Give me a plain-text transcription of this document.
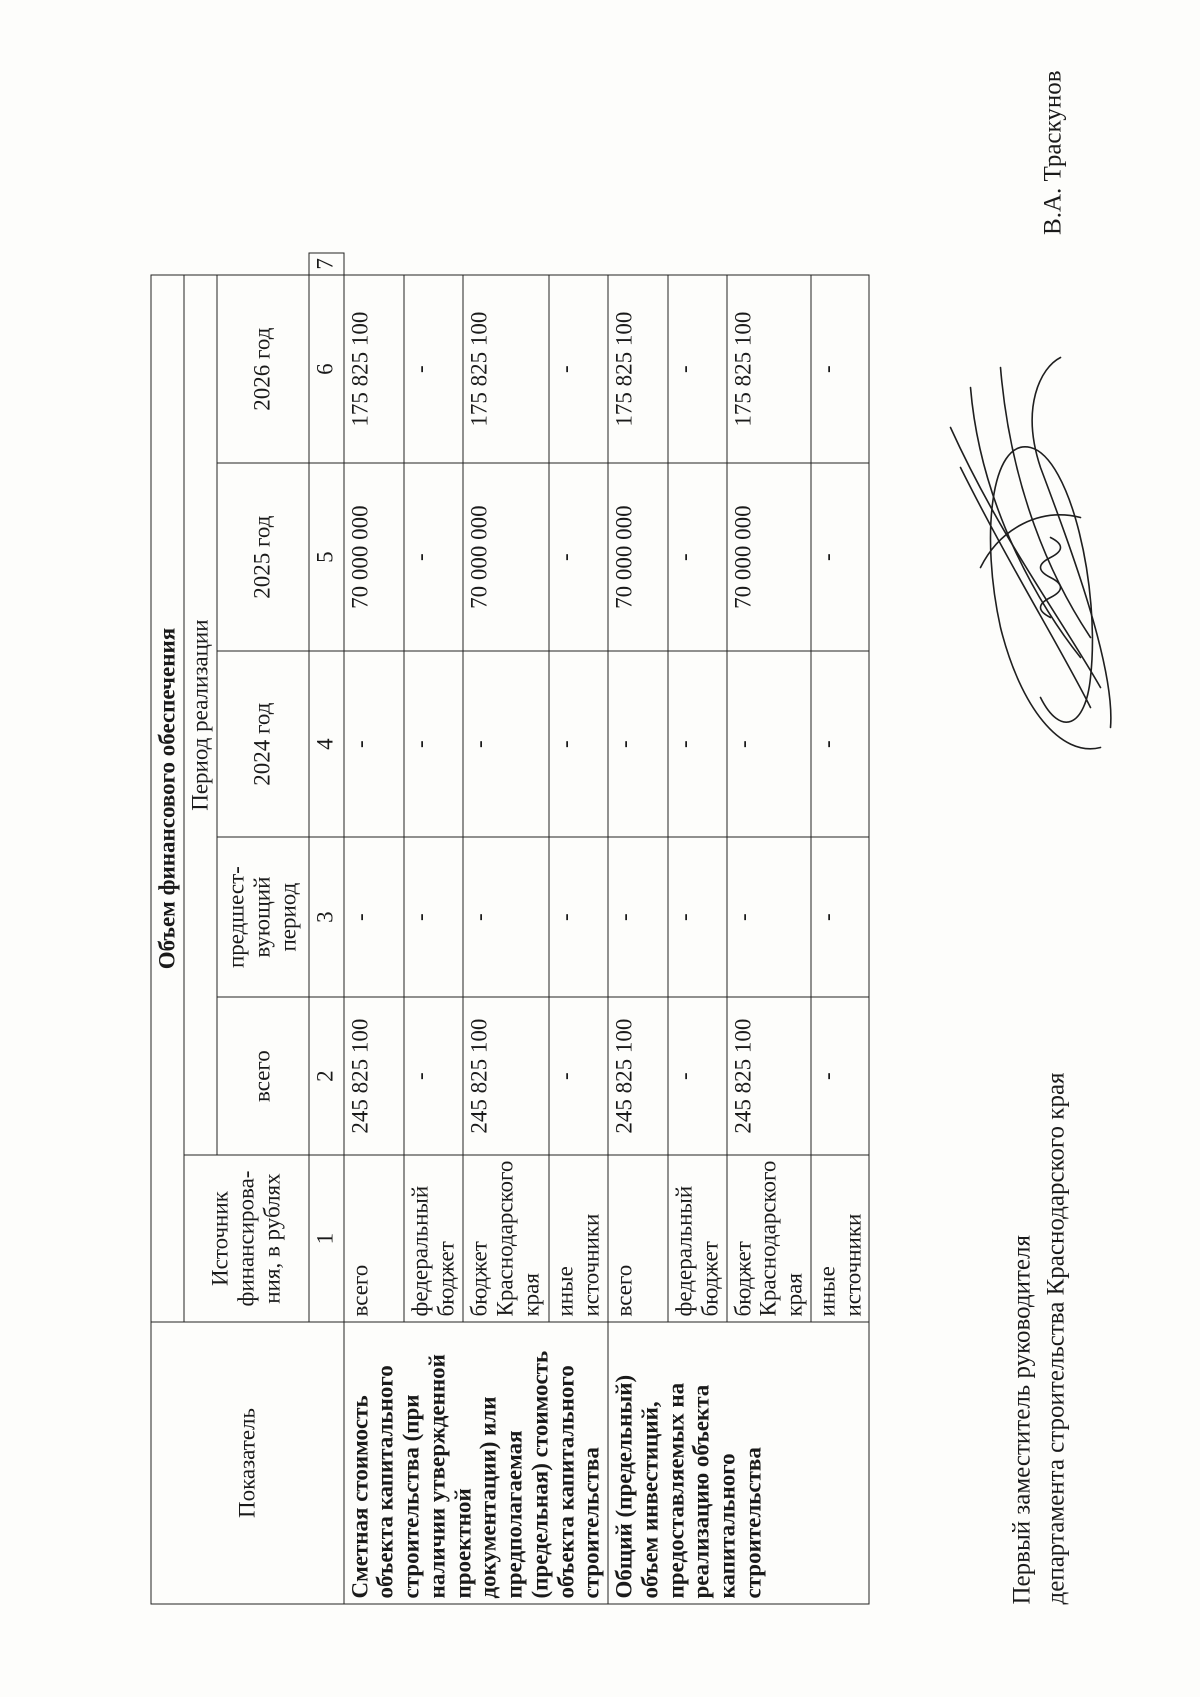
Показатель	Объем финансового обеспечения						
	Источник финансирова-ния, в рублях	Период реализации					
		всего	предшест-вующий период	2024 год	2025 год	2026 год	
	1	2	3	4	5	6	7
Сметная стоимость объекта капитального строительства (при наличии утвержденной проектной документации) или предполагаемая (предельная) стоимость объекта капитального строительства	всего	245 825 100	-	-	70 000 000	175 825 100	
	федеральный бюджет	-	-	-	-	-	
	бюджет Краснодарского края	245 825 100	-	-	70 000 000	175 825 100	
	иные источники	-	-	-	-	-	
Общий (предельный) объем инвестиций, предоставляемых на реализацию объекта капитального строительства	всего	245 825 100	-	-	70 000 000	175 825 100	
	федеральный бюджет	-	-	-	-	-	
	бюджет Краснодарского края	245 825 100	-	-	70 000 000	175 825 100	
	иные источники	-	-	-	-	-	
Первый заместитель руководителя департамента строительства Краснодарского края
В.А. Траскунов
